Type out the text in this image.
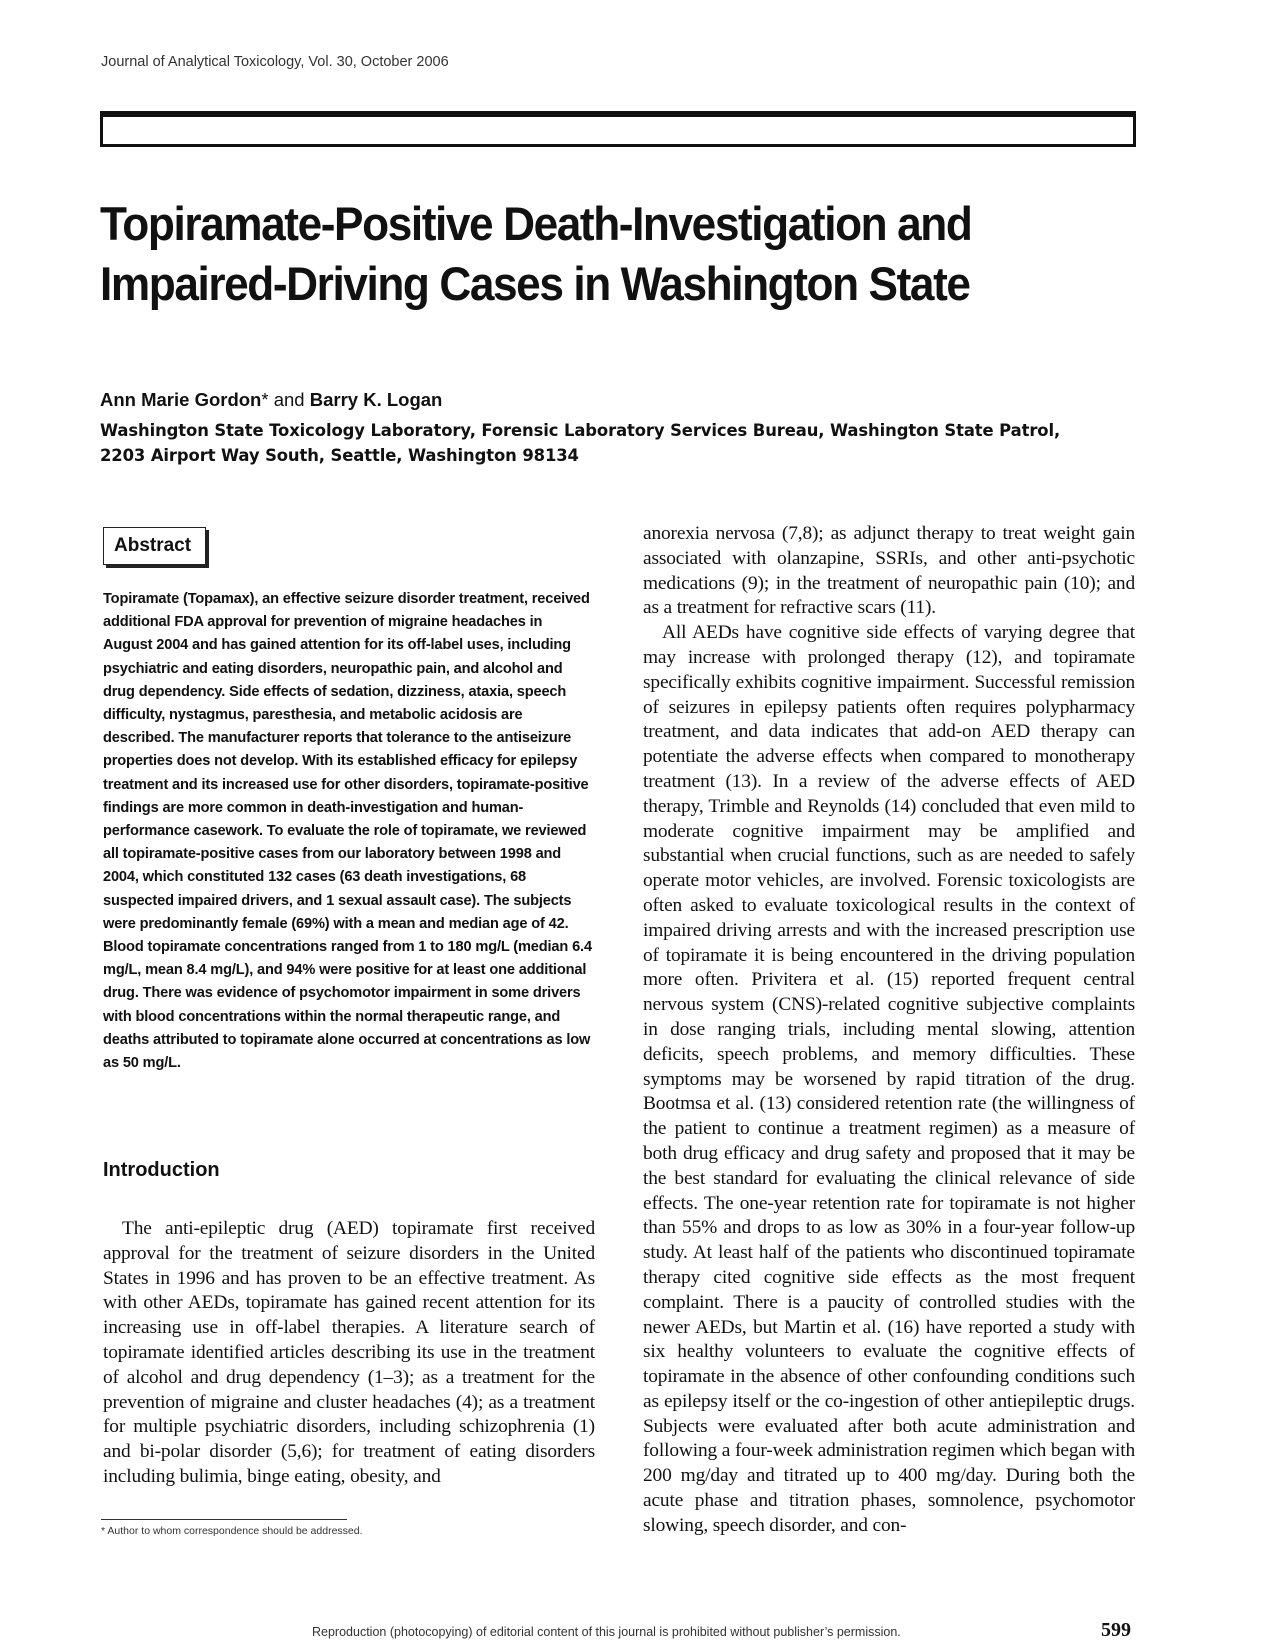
Journal of Analytical Toxicology, Vol. 30, October 2006
Topiramate-Positive Death-Investigation and Impaired-Driving Cases in Washington State
Ann Marie Gordon* and Barry K. Logan
Washington State Toxicology Laboratory, Forensic Laboratory Services Bureau, Washington State Patrol,
2203 Airport Way South, Seattle, Washington 98134
Abstract

Topiramate (Topamax), an effective seizure disorder treatment, received additional FDA approval for prevention of migraine headaches in August 2004 and has gained attention for its off-label uses, including psychiatric and eating disorders, neuropathic pain, and alcohol and drug dependency. Side effects of sedation, dizziness, ataxia, speech difficulty, nystagmus, paresthesia, and metabolic acidosis are described. The manufacturer reports that tolerance to the antiseizure properties does not develop. With its established efficacy for epilepsy treatment and its increased use for other disorders, topiramate-positive findings are more common in death-investigation and human-performance casework. To evaluate the role of topiramate, we reviewed all topiramate-positive cases from our laboratory between 1998 and 2004, which constituted 132 cases (63 death investigations, 68 suspected impaired drivers, and 1 sexual assault case). The subjects were predominantly female (69%) with a mean and median age of 42. Blood topiramate concentrations ranged from 1 to 180 mg/L (median 6.4 mg/L, mean 8.4 mg/L), and 94% were positive for at least one additional drug. There was evidence of psychomotor impairment in some drivers with blood concentrations within the normal therapeutic range, and deaths attributed to topiramate alone occurred at concentrations as low as 50 mg/L.

Introduction

The anti-epileptic drug (AED) topiramate first received approval for the treatment of seizure disorders in the United States in 1996 and has proven to be an effective treatment. As with other AEDs, topiramate has gained recent attention for its increasing use in off-label therapies. A literature search of topiramate identified articles describing its use in the treatment of alcohol and drug dependency (1–3); as a treatment for the prevention of migraine and cluster headaches (4); as a treatment for multiple psychiatric disorders, including schizophrenia (1) and bi-polar disorder (5,6); for treatment of eating disorders including bulimia, binge eating, obesity, and

anorexia nervosa (7,8); as adjunct therapy to treat weight gain associated with olanzapine, SSRIs, and other anti-psychotic medications (9); in the treatment of neuropathic pain (10); and as a treatment for refractive scars (11).

All AEDs have cognitive side effects of varying degree that may increase with prolonged therapy (12), and topiramate specifically exhibits cognitive impairment. Successful remission of seizures in epilepsy patients often requires polypharmacy treatment, and data indicates that add-on AED therapy can potentiate the adverse effects when compared to monotherapy treatment (13). In a review of the adverse effects of AED therapy, Trimble and Reynolds (14) concluded that even mild to moderate cognitive impairment may be amplified and substantial when crucial functions, such as are needed to safely operate motor vehicles, are involved. Forensic toxicologists are often asked to evaluate toxicological results in the context of impaired driving arrests and with the increased prescription use of topiramate it is being encountered in the driving population more often. Privitera et al. (15) reported frequent central nervous system (CNS)-related cognitive subjective complaints in dose ranging trials, including mental slowing, attention deficits, speech problems, and memory difficulties. These symptoms may be worsened by rapid titration of the drug. Bootmsa et al. (13) considered retention rate (the willingness of the patient to continue a treatment regimen) as a measure of both drug efficacy and drug safety and proposed that it may be the best standard for evaluating the clinical relevance of side effects. The one-year retention rate for topiramate is not higher than 55% and drops to as low as 30% in a four-year follow-up study. At least half of the patients who discontinued topiramate therapy cited cognitive side effects as the most frequent complaint. There is a paucity of controlled studies with the newer AEDs, but Martin et al. (16) have reported a study with six healthy volunteers to evaluate the cognitive effects of topiramate in the absence of other confounding conditions such as epilepsy itself or the co-ingestion of other antiepileptic drugs. Subjects were evaluated after both acute administration and following a four-week administration regimen which began with 200 mg/day and titrated up to 400 mg/day. During both the acute phase and titration phases, somnolence, psychomotor slowing, speech disorder, and con-

* Author to whom correspondence should be addressed.
Reproduction (photocopying) of editorial content of this journal is prohibited without publisher’s permission.	599
